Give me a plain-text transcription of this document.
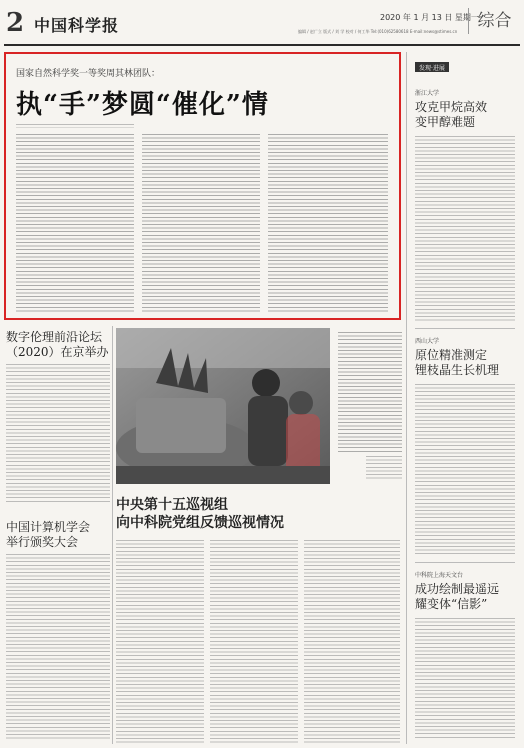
2 中国科学报	2020 年 1 月 13 日 星期一
编辑 / 赵广立 版式 / 刘 学 校对 / 何工华 Tel:(010)62580618 E-mail:news@stimes.cn
综合
国家自然科学奖一等奖周其林团队：
执“手”梦圆“催化”情
数字伦理前沿论坛
（2020）在京举办
中国计算机学会
举行颁奖大会
中央第十五巡视组
向中科院党组反馈巡视情况
发现·进展
浙江大学
攻克甲烷高效
变甲醇难题
西山大学
原位精准测定
锂枝晶生长机理
中科院上海天文台
成功绘制最遥远
耀变体“信影”
